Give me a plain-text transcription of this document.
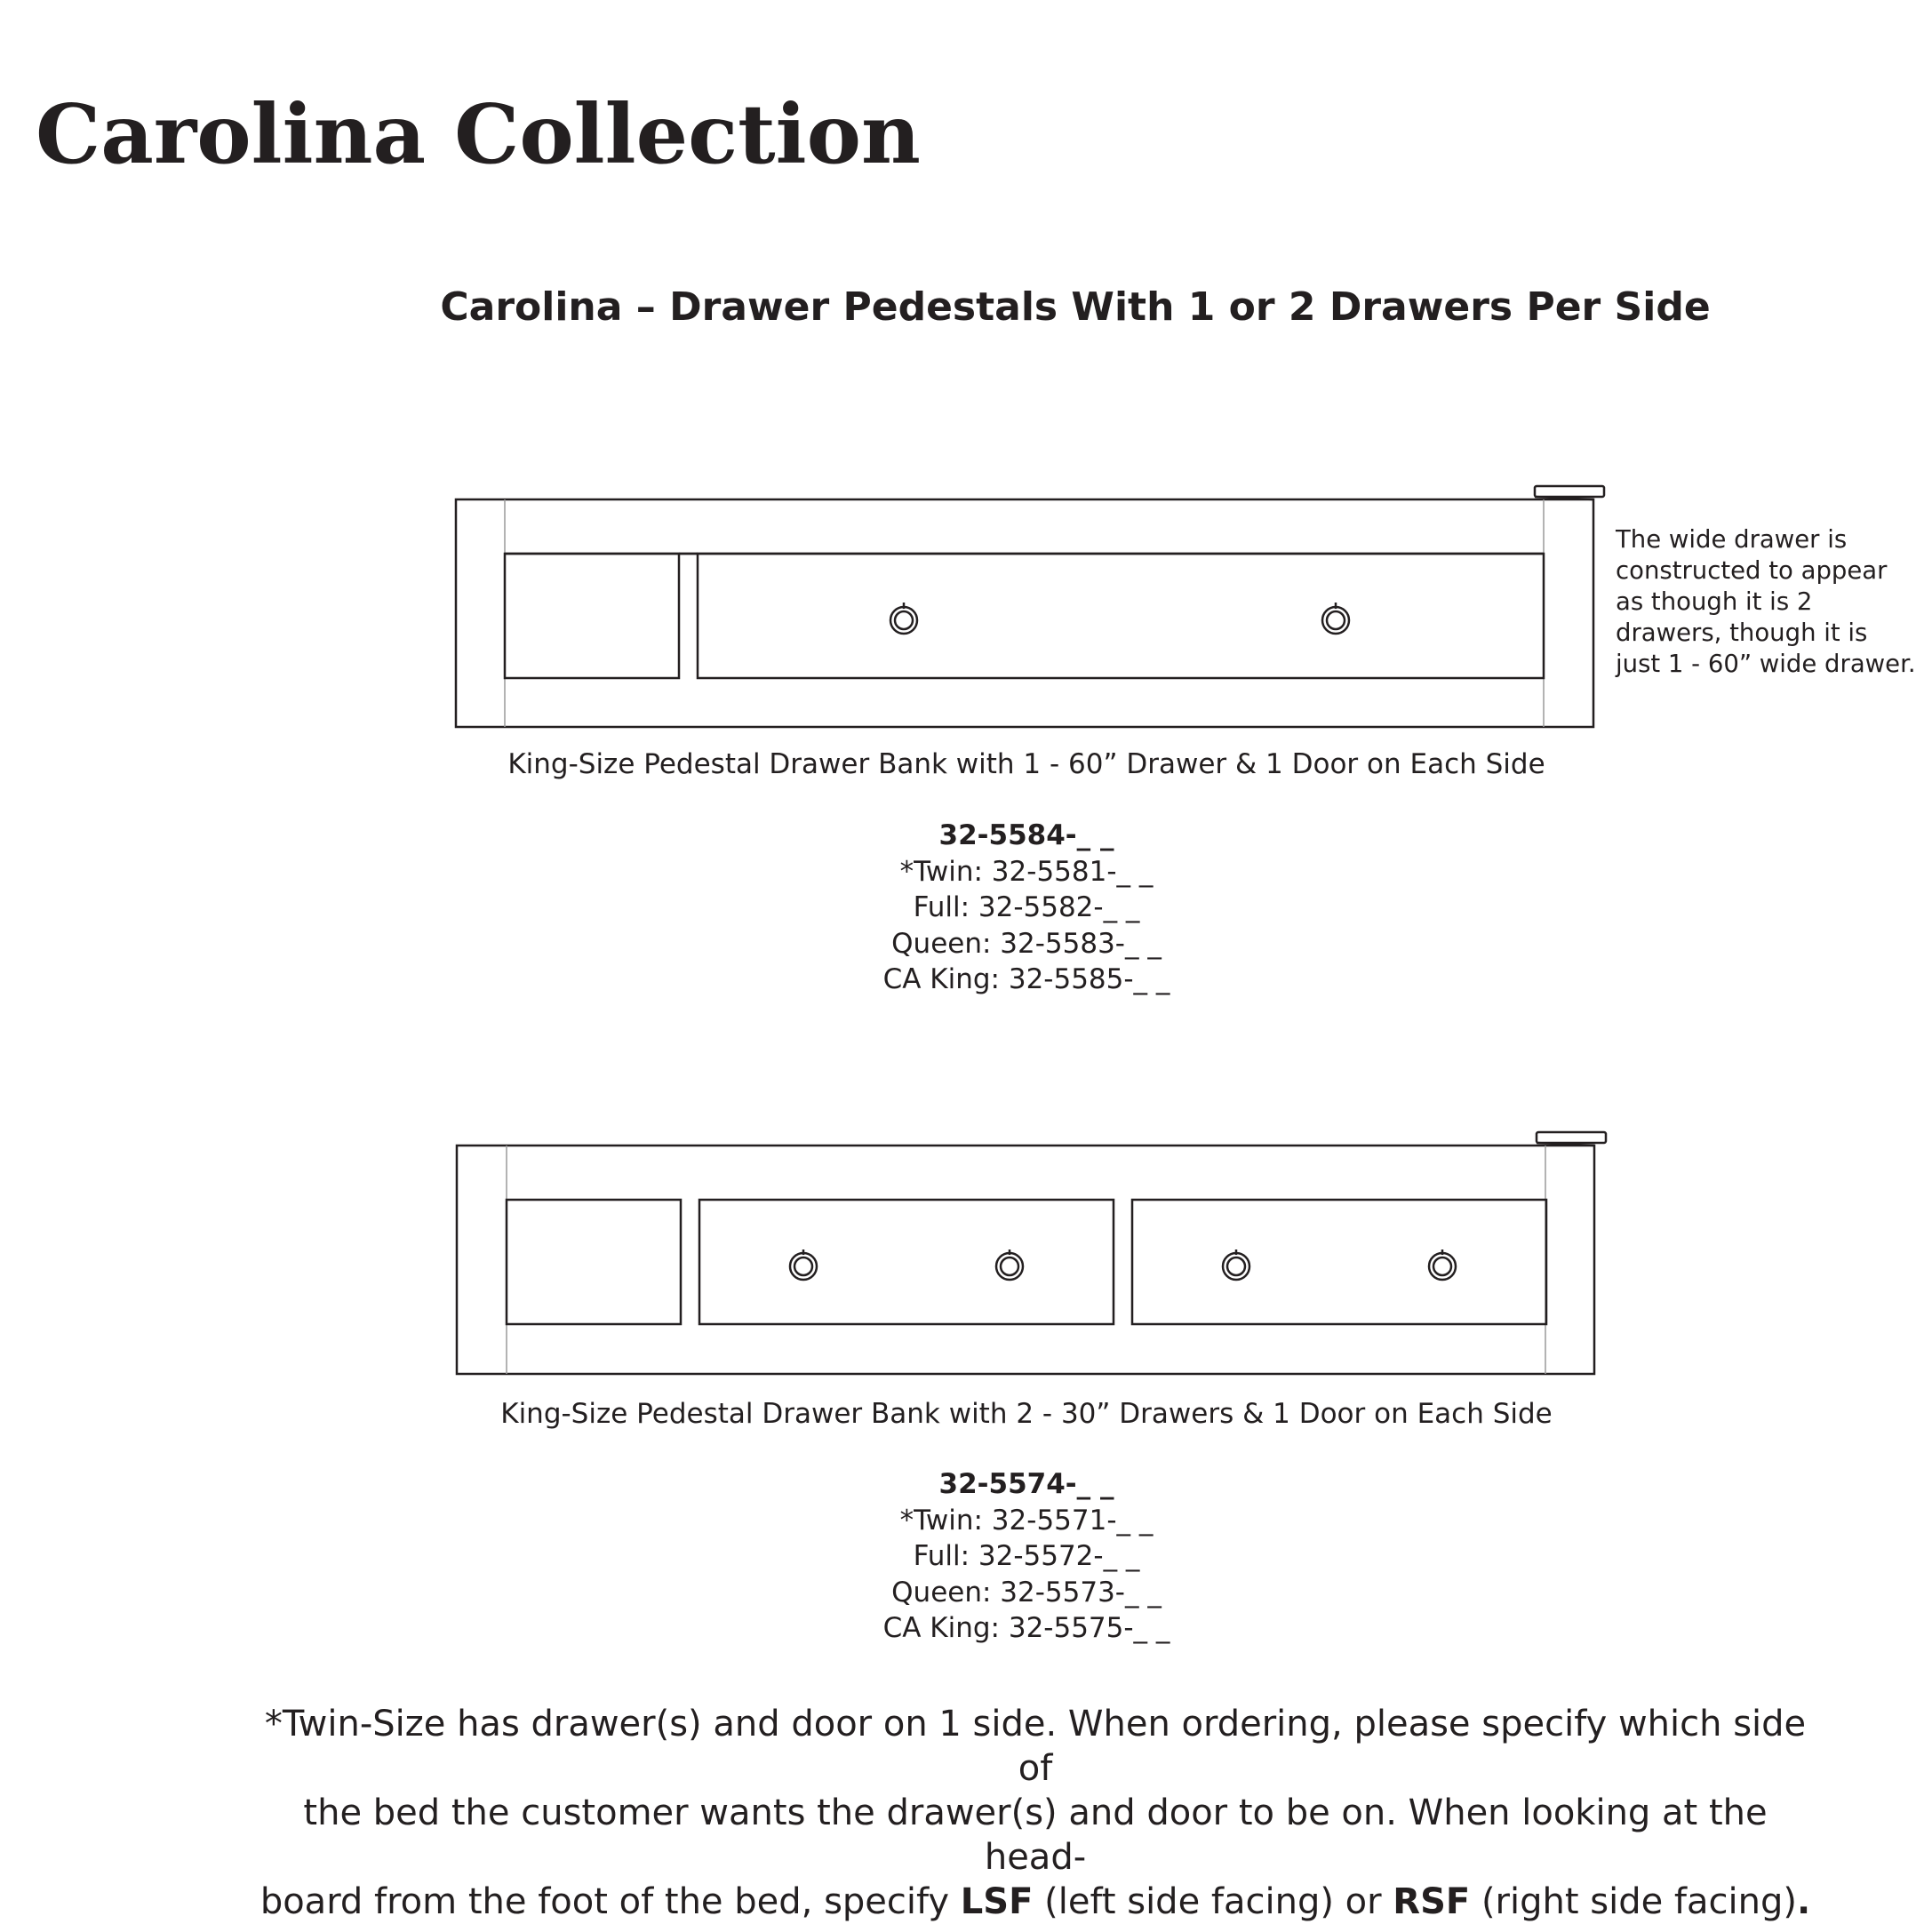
Carolina Collection
Carolina – Drawer Pedestals With 1 or 2 Drawers Per Side
The wide drawer is constructed to appear as though it is 2 drawers, though it is just 1 - 60” wide drawer.
King-Size Pedestal Drawer Bank with 1 - 60” Drawer & 1 Door on Each Side
32-5584-_ _
*Twin: 32-5581-_ _
Full: 32-5582-_ _
Queen: 32-5583-_ _
CA King: 32-5585-_ _
King-Size Pedestal Drawer Bank with 2 - 30” Drawers & 1 Door on Each Side
32-5574-_ _
*Twin: 32-5571-_ _
Full: 32-5572-_ _
Queen: 32-5573-_ _
CA King: 32-5575-_ _
*Twin-Size has drawer(s) and door on 1 side. When ordering, please specify which side of
the bed the customer wants the drawer(s) and door to be on. When looking at the head-
board from the foot of the bed, specify LSF (left side facing) or RSF (right side facing).
